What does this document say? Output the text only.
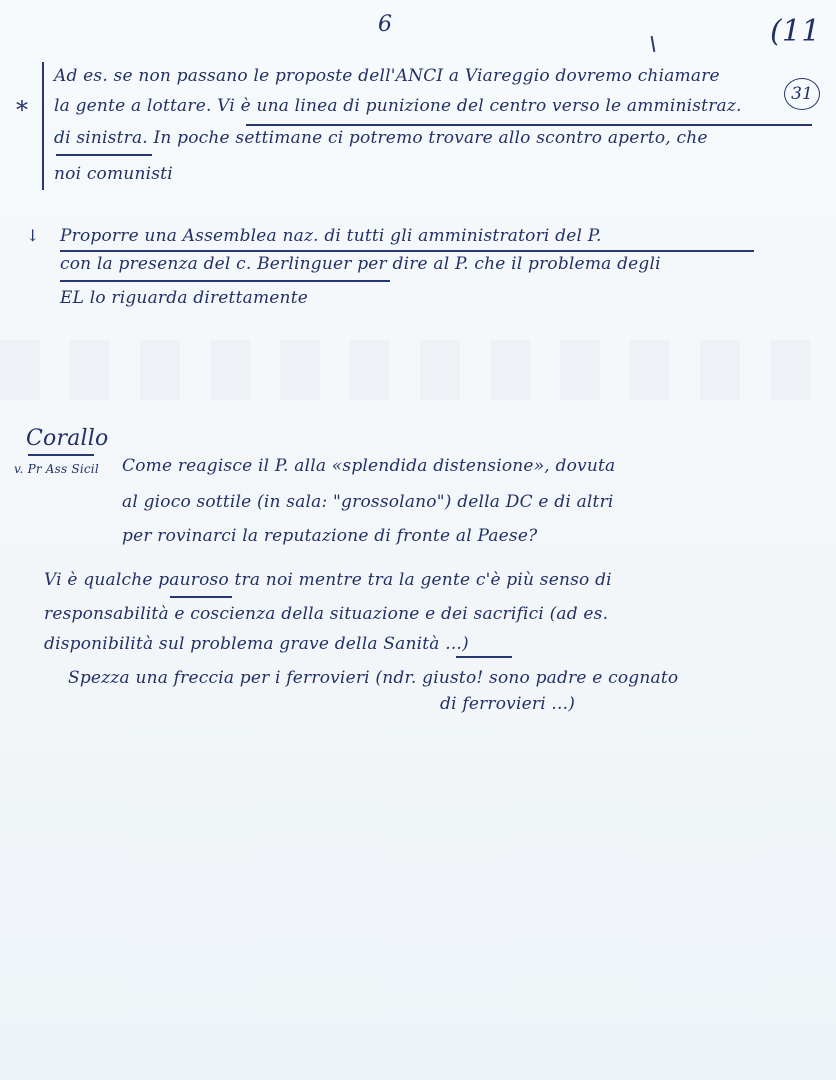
6	(11
*
31
Ad es. se non passano le proposte dell'ANCI a Viareggio dovremo chiamare
la gente a lottare. Vi è una linea di punizione del centro verso le amministraz.
di sinistra. In poche settimane ci potremo trovare allo scontro aperto, che
noi comunisti
↓ Proporre una Assemblea naz. di tutti gli amministratori del P.
con la presenza del c. Berlinguer per dire al P. che il problema degli
EL lo riguarda direttamente
Corallo
v. Pr Ass Sicil Come reagisce il P. alla «splendida distensione», dovuta
al gioco sottile (in sala: "grossolano") della DC e di altri
per rovinarci la reputazione di fronte al Paese?
Vi è qualche pauroso tra noi mentre tra la gente c'è più senso di
responsabilità e coscienza della situazione e dei sacrifici (ad es.
disponibilità sul problema grave della Sanità ...)
Spezza una freccia per i ferrovieri (ndr. giusto! sono padre e cognato
di ferrovieri ...)
